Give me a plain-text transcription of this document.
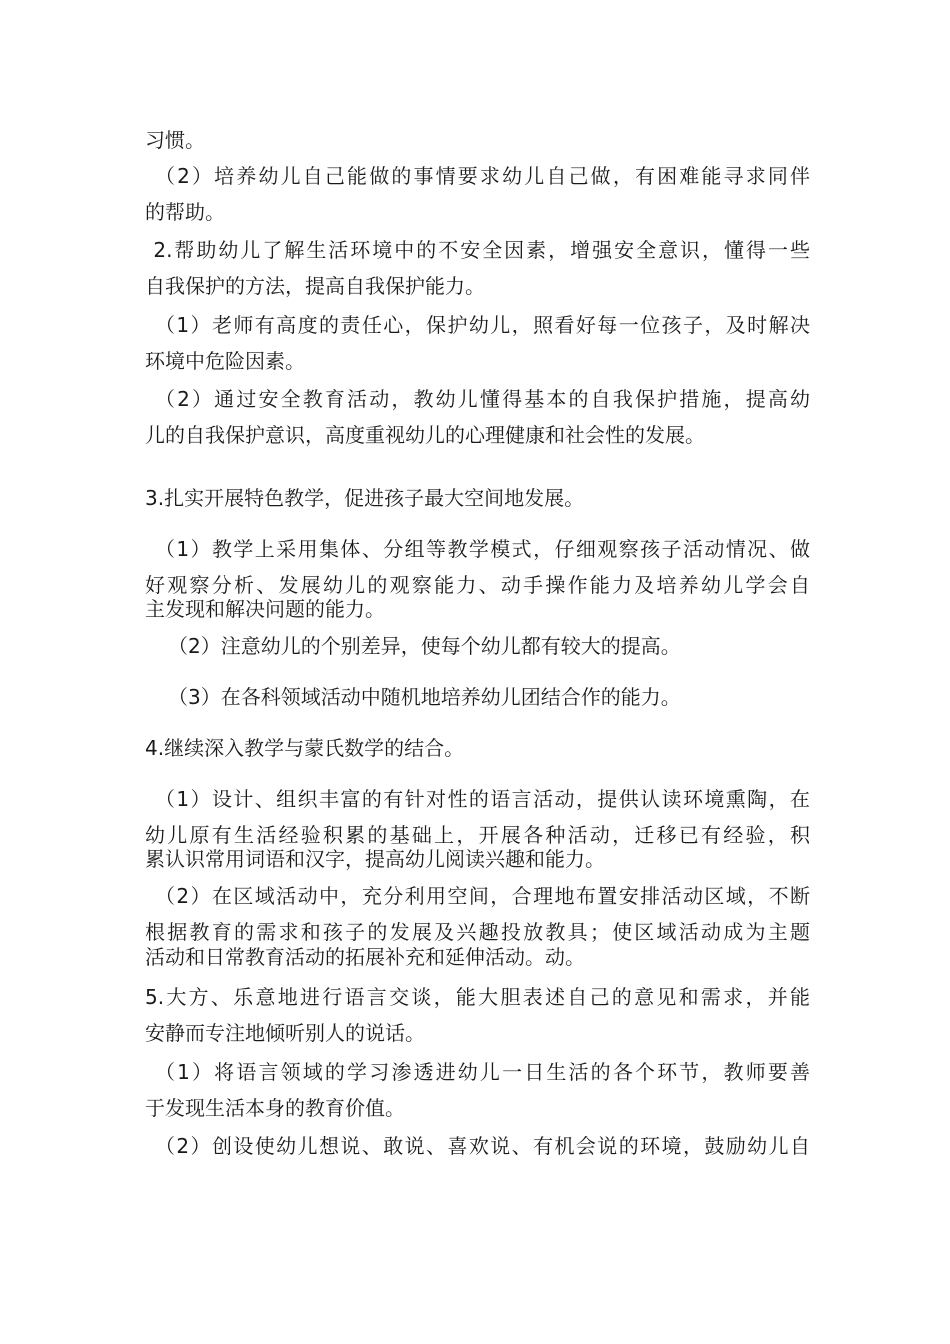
习惯。
（2）培养幼儿自己能做的事情要求幼儿自己做，有困难能寻求同伴
的帮助。
2.帮助幼儿了解生活环境中的不安全因素，增强安全意识，懂得一些
自我保护的方法，提高自我保护能力。
（1）老师有高度的责任心，保护幼儿，照看好每一位孩子，及时解决
环境中危险因素。
（2）通过安全教育活动，教幼儿懂得基本的自我保护措施，提高幼
儿的自我保护意识，高度重视幼儿的心理健康和社会性的发展。
3.扎实开展特色教学，促进孩子最大空间地发展。
（1）教学上采用集体、分组等教学模式，仔细观察孩子活动情况、做
好观察分析、发展幼儿的观察能力、动手操作能力及培养幼儿学会自
主发现和解决问题的能力。
（2）注意幼儿的个别差异，使每个幼儿都有较大的提高。
（3）在各科领域活动中随机地培养幼儿团结合作的能力。
4.继续深入教学与蒙氏数学的结合。
（1）设计、组织丰富的有针对性的语言活动，提供认读环境熏陶，在
幼儿原有生活经验积累的基础上，开展各种活动，迁移已有经验，积
累认识常用词语和汉字，提高幼儿阅读兴趣和能力。
（2）在区域活动中，充分利用空间，合理地布置安排活动区域，不断
根据教育的需求和孩子的发展及兴趣投放教具；使区域活动成为主题
活动和日常教育活动的拓展补充和延伸活动。动。
5.大方、乐意地进行语言交谈，能大胆表述自己的意见和需求，并能
安静而专注地倾听别人的说话。
（1）将语言领域的学习渗透进幼儿一日生活的各个环节，教师要善
于发现生活本身的教育价值。
（2）创设使幼儿想说、敢说、喜欢说、有机会说的环境，鼓励幼儿自
